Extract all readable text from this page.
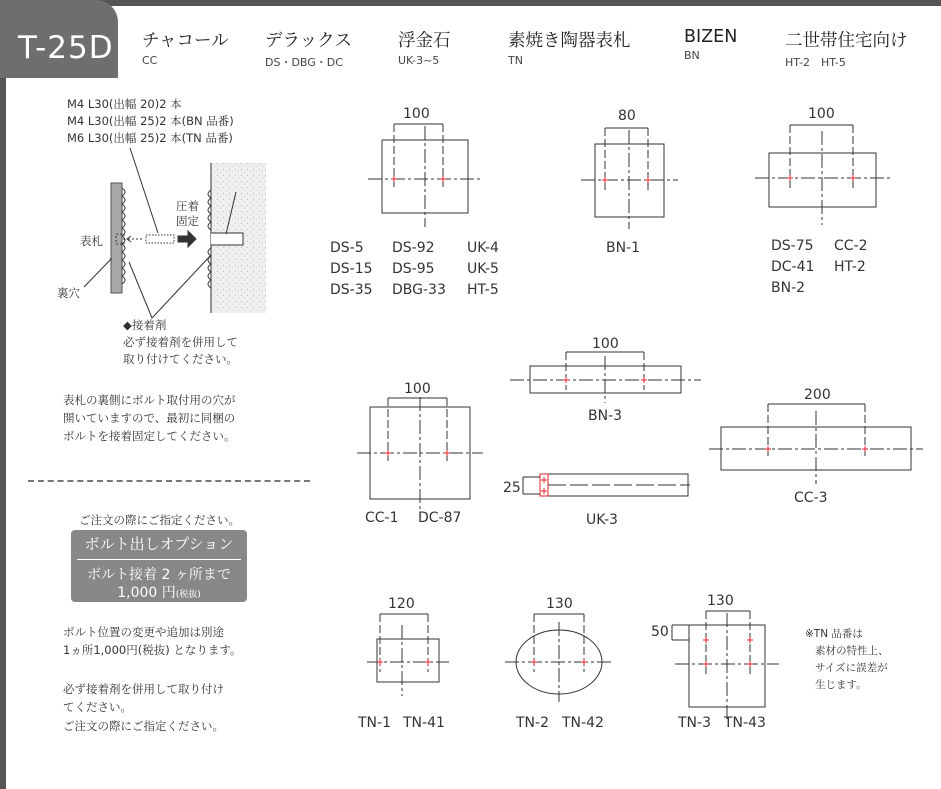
T-25D チャコール
CC
デラックス
DS・DBG・DC
浮金石
UK-3~5
素焼き陶器表札
TN
BIZEN
BN
二世帯住宅向け
HT-2　HT-5
M4 L30(出幅 20)2 本
M4 L30(出幅 25)2 本(BN 品番)
M6 L30(出幅 25)2 本(TN 品番)
圧着
固定
表札
裏穴
◆接着剤
必ず接着剤を併用して
取り付けてください。
表札の裏側にボルト取付用の穴が
開いていますので、最初に同梱の
ボルトを接着固定してください。
ご注文の際にご指定ください。
ボルト出しオプション
ボルト接着 2 ヶ所まで
1,000 円(税抜)
ボルト位置の変更や追加は別途
1ヵ所1,000円(税抜) となります。
必ず接着剤を併用して取り付け
てください。
ご注文の際にご指定ください。
100	80	100
100
100	200
25
120	130	130
50
DS-5 DS-92 UK-4
DS-15 DS-95 UK-5
DS-35 DBG-33 HT-5
BN-1	DS-75 CC-2
DC-41 HT-2
BN-2
BN-3
CC-1 DC-87	UK-3
CC-3
TN-1 TN-41	TN-2 TN-42	TN-3 TN-43
※TN 品番は
素材の特性上、
サイズに誤差が
生じます。
